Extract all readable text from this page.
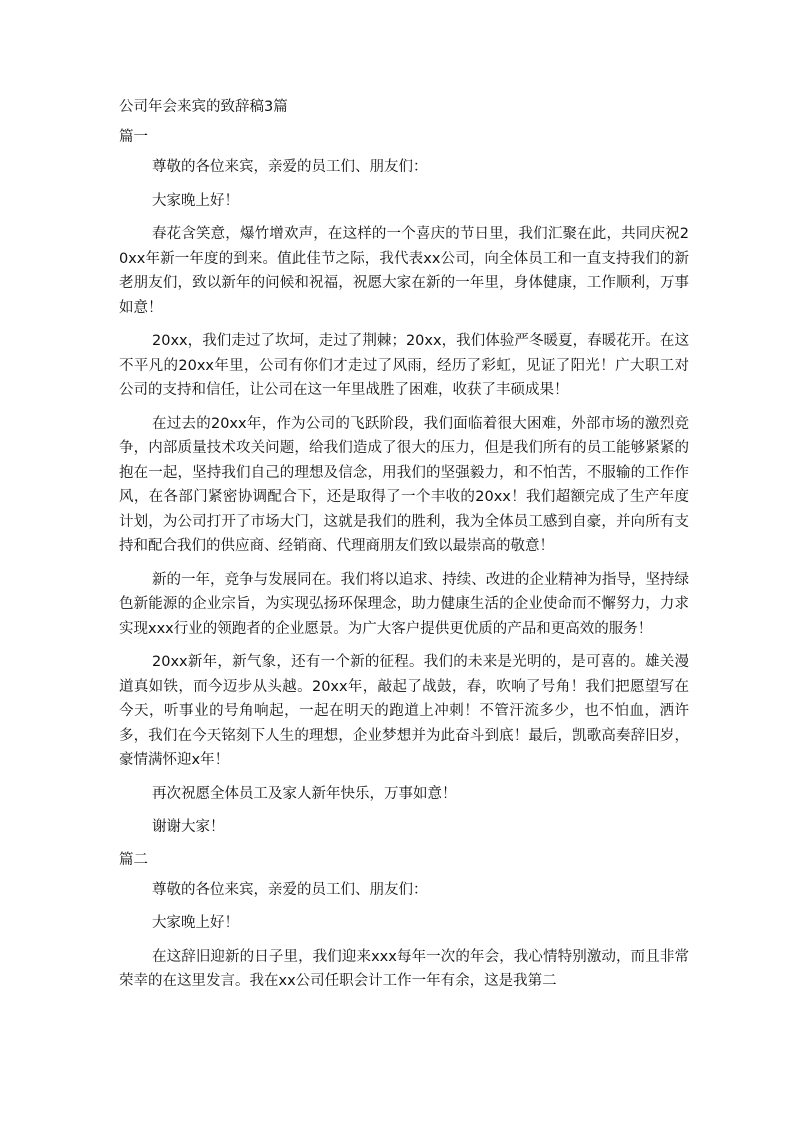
公司年会来宾的致辞稿3篇
篇一

尊敬的各位来宾，亲爱的员工们、朋友们：

大家晚上好！

春花含笑意，爆竹增欢声，在这样的一个喜庆的节日里，我们汇聚在此，共同庆祝20xx年新一年度的到来。值此佳节之际，我代表xx公司，向全体员工和一直支持我们的新老朋友们，致以新年的问候和祝福，祝愿大家在新的一年里，身体健康，工作顺利，万事如意！

20xx，我们走过了坎坷，走过了荆棘；20xx，我们体验严冬暖夏，春暖花开。在这不平凡的20xx年里，公司有你们才走过了风雨，经历了彩虹，见证了阳光！广大职工对公司的支持和信任，让公司在这一年里战胜了困难，收获了丰硕成果！

在过去的20xx年，作为公司的飞跃阶段，我们面临着很大困难，外部市场的激烈竞争，内部质量技术攻关问题，给我们造成了很大的压力，但是我们所有的员工能够紧紧的抱在一起，坚持我们自己的理想及信念，用我们的坚强毅力，和不怕苦，不服输的工作作风，在各部门紧密协调配合下，还是取得了一个丰收的20xx！我们超额完成了生产年度计划，为公司打开了市场大门，这就是我们的胜利，我为全体员工感到自豪，并向所有支持和配合我们的供应商、经销商、代理商朋友们致以最崇高的敬意！

新的一年，竞争与发展同在。我们将以追求、持续、改进的企业精神为指导，坚持绿色新能源的企业宗旨，为实现弘扬环保理念，助力健康生活的企业使命而不懈努力，力求实现xxx行业的领跑者的企业愿景。为广大客户提供更优质的产品和更高效的服务！

20xx新年，新气象，还有一个新的征程。我们的未来是光明的，是可喜的。雄关漫道真如铁，而今迈步从头越。20xx年，敲起了战鼓，春，吹响了号角！我们把愿望写在今天，听事业的号角响起，一起在明天的跑道上冲刺！不管汗流多少，也不怕血，洒许多，我们在今天铭刻下人生的理想，企业梦想并为此奋斗到底！最后，凯歌高奏辞旧岁，豪情满怀迎x年！

再次祝愿全体员工及家人新年快乐，万事如意！

谢谢大家！

篇二

尊敬的各位来宾，亲爱的员工们、朋友们：

大家晚上好！

在这辞旧迎新的日子里，我们迎来xxx每年一次的年会，我心情特别激动，而且非常荣幸的在这里发言。我在xx公司任职会计工作一年有余，这是我第二
